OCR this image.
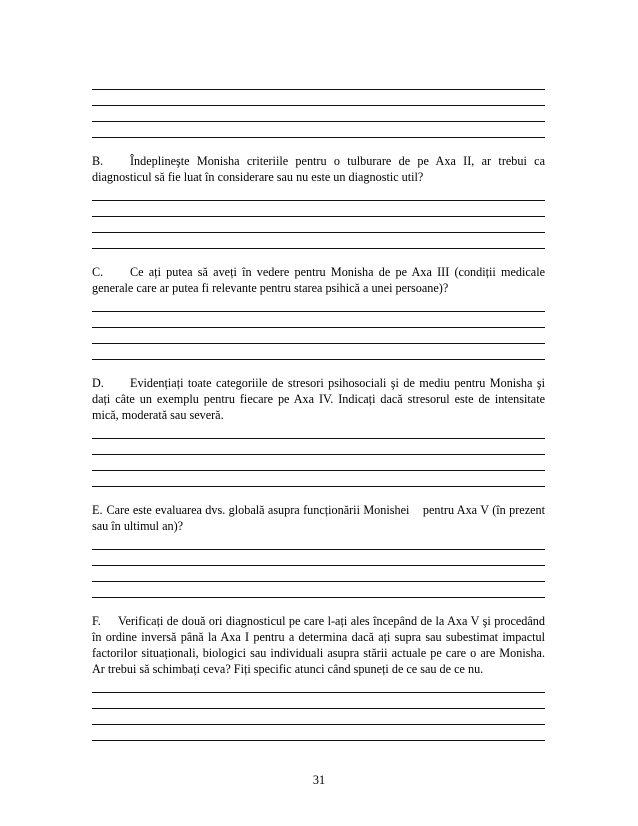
B. Îndeplineşte Monisha criteriile pentru o tulburare de pe Axa II, ar trebui ca diagnosticul să fie luat în considerare sau nu este un diagnostic util?

C. Ce ați putea să aveți în vedere pentru Monisha de pe Axa III (condiții medicale generale care ar putea fi relevante pentru starea psihică a unei persoane)?

D. Evidențiați toate categoriile de stresori psihosociali şi de mediu pentru Monisha şi dați câte un exemplu pentru fiecare pe Axa IV. Indicați dacă stresorul este de intensitate mică, moderată sau severă.

E. Care este evaluarea dvs. globală asupra funcționării Monishei    pentru Axa V (în prezent sau în ultimul an)?

F. Verificați de două ori diagnosticul pe care l-ați ales începând de la Axa V şi procedând în ordine inversă până la Axa I pentru a determina dacă ați supra sau subestimat impactul factorilor situaționali, biologici sau individuali asupra stării actuale pe care o are Monisha. Ar trebui să schimbați ceva? Fiți specific atunci când spuneți de ce sau de ce nu.

31
